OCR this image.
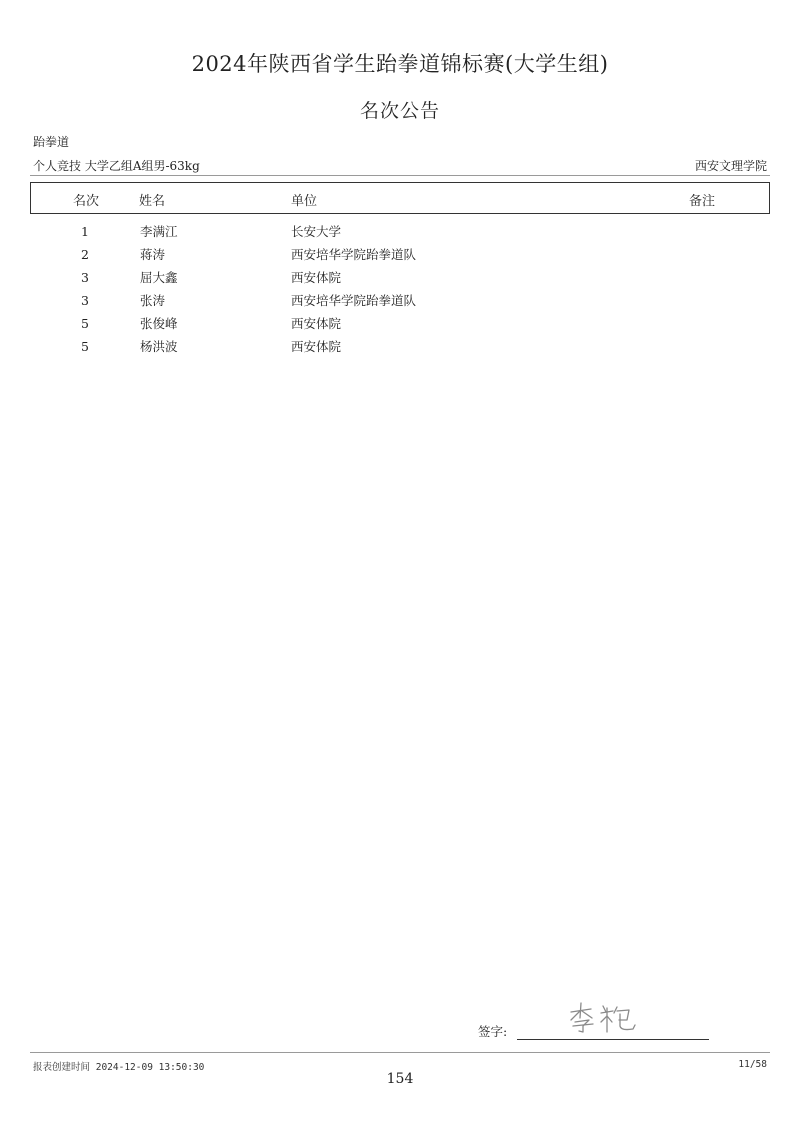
2024年陕西省学生跆拳道锦标赛(大学生组)
名次公告
跆拳道
个人竞技 大学乙组A组男-63kg	西安文理学院
名次	姓名	单位	备注
1	李满江	长安大学
2	蒋涛	西安培华学院跆拳道队
3	屈大鑫	西安体院
3	张涛	西安培华学院跆拳道队
5	张俊峰	西安体院
5	杨洪波	西安体院
签字:
报表创建时间 2024-12-09 13:50:30	11/58
154
